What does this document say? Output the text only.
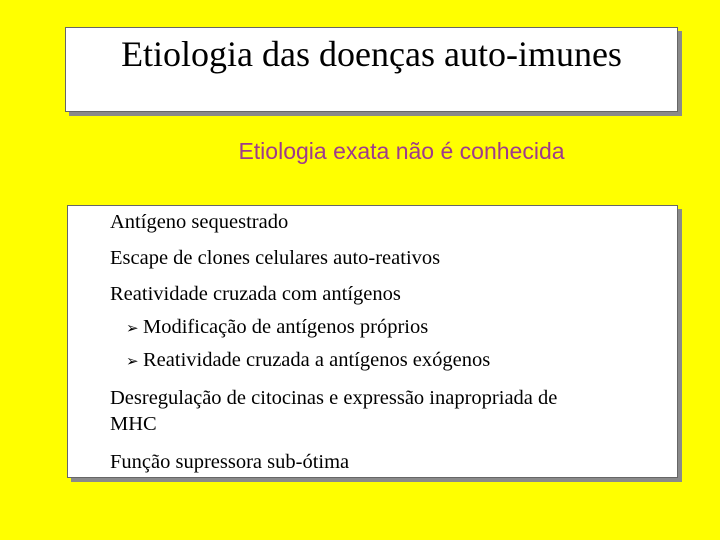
Etiologia das doenças auto-imunes
Etiologia exata não é conhecida
Antígeno sequestrado
Escape de clones celulares auto-reativos
Reatividade cruzada com antígenos
➢ Modificação de antígenos próprios
➢ Reatividade cruzada a antígenos exógenos
Desregulação de citocinas e expressão inapropriada de
MHC
Função supressora sub-ótima
